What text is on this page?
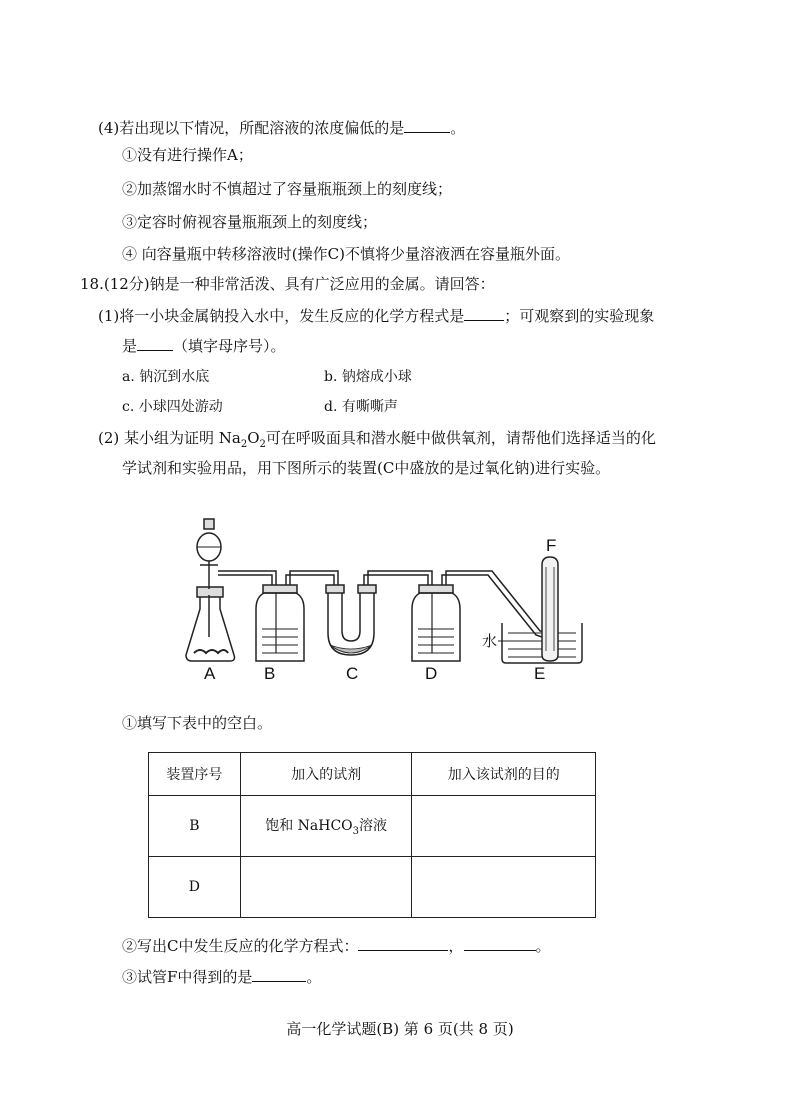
(4)若出现以下情况，所配溶液的浓度偏低的是	。
①没有进行操作A；
②加蒸馏水时不慎超过了容量瓶瓶颈上的刻度线；
③定容时俯视容量瓶瓶颈上的刻度线；
④ 向容量瓶中转移溶液时(操作C)不慎将少量溶液洒在容量瓶外面。
18.(12分)钠是一种非常活泼、具有广泛应用的金属。请回答：
(1)将一小块金属钠投入水中，发生反应的化学方程式是	；可观察到的实验现象
是 （填字母序号）。
a. 钠沉到水底	b. 钠熔成小球
c. 小球四处游动	d. 有嘶嘶声
(2) 某小组为证明 $Na_2O_2$可在呼吸面具和潜水艇中做供氧剂，请帮他们选择适当的化
学试剂和实验用品，用下图所示的装置(C中盛放的是过氧化钠)进行实验。
A	B	C	D	E
F
水
①填写下表中的空白。
装置序号	加入的试剂	加入该试剂的目的
B	饱和 NaHCO$_3$溶液	
D		
②写出C中发生反应的化学方程式：	，	。
③试管F中得到的是	。
高一化学试题(B) 第 6 页(共 8 页)
